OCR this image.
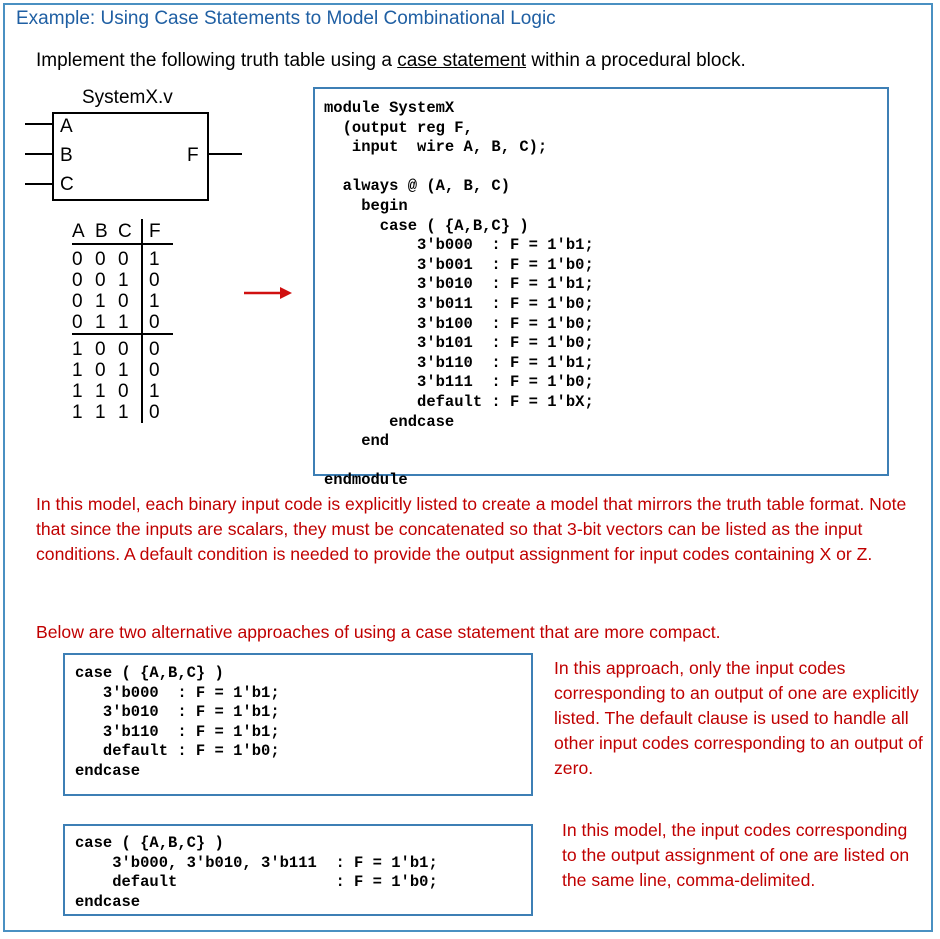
Example: Using Case Statements to Model Combinational Logic
Implement the following truth table using a case statement within a procedural block.
SystemX.v
A
B
C
F
A	B	C	F
0	0	0	1
0	0	1	0
0	1	0	1
0	1	1	0
1	0	0	0
1	0	1	0
1	1	0	1
1	1	1	0
module SystemX
(output reg F,
input  wire A, B, C);

always @ (A, B, C)
begin
case ( {A,B,C} )
3'b000  : F = 1'b1;
3'b001  : F = 1'b0;
3'b010  : F = 1'b1;
3'b011  : F = 1'b0;
3'b100  : F = 1'b0;
3'b101  : F = 1'b0;
3'b110  : F = 1'b1;
3'b111  : F = 1'b0;
default : F = 1'bX;
endcase
end

endmodule
In this model, each binary input code is explicitly listed to create a model that mirrors the truth table format. Note that since the inputs are scalars, they must be concatenated so that 3-bit vectors can be listed as the input conditions. A default condition is needed to provide the output assignment for input codes containing X or Z.
Below are two alternative approaches of using a case statement that are more compact.
case ( {A,B,C} )
3'b000  : F = 1'b1;
3'b010  : F = 1'b1;
3'b110  : F = 1'b1;
default : F = 1'b0;
endcase
In this approach, only the input codes corresponding to an output of one are explicitly listed. The default clause is used to handle all other input codes corresponding to an output of zero.
case ( {A,B,C} )
3'b000, 3'b010, 3'b111  : F = 1'b1;
default                 : F = 1'b0;
endcase
In this model, the input codes corresponding to the output assignment of one are listed on the same line, comma-delimited.
